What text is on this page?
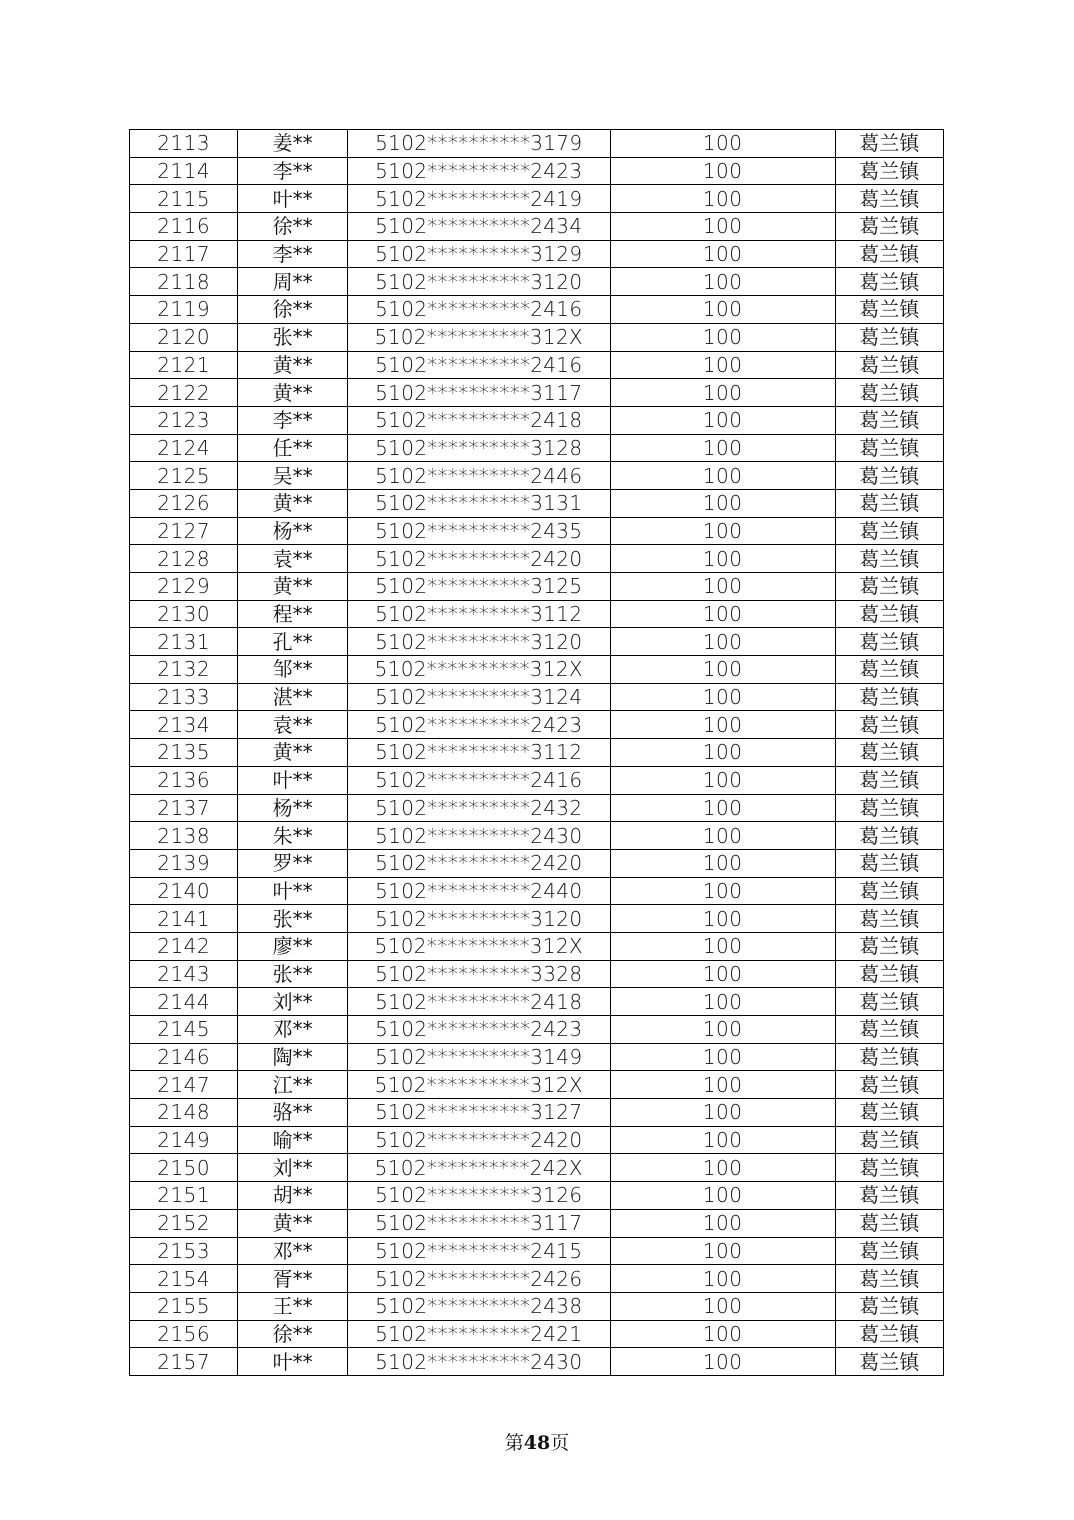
2113	姜**	5102**********3179	100	葛兰镇
2114	李**	5102**********2423	100	葛兰镇
2115	叶**	5102**********2419	100	葛兰镇
2116	徐**	5102**********2434	100	葛兰镇
2117	李**	5102**********3129	100	葛兰镇
2118	周**	5102**********3120	100	葛兰镇
2119	徐**	5102**********2416	100	葛兰镇
2120	张**	5102**********312X	100	葛兰镇
2121	黄**	5102**********2416	100	葛兰镇
2122	黄**	5102**********3117	100	葛兰镇
2123	李**	5102**********2418	100	葛兰镇
2124	任**	5102**********3128	100	葛兰镇
2125	吴**	5102**********2446	100	葛兰镇
2126	黄**	5102**********3131	100	葛兰镇
2127	杨**	5102**********2435	100	葛兰镇
2128	袁**	5102**********2420	100	葛兰镇
2129	黄**	5102**********3125	100	葛兰镇
2130	程**	5102**********3112	100	葛兰镇
2131	孔**	5102**********3120	100	葛兰镇
2132	邹**	5102**********312X	100	葛兰镇
2133	湛**	5102**********3124	100	葛兰镇
2134	袁**	5102**********2423	100	葛兰镇
2135	黄**	5102**********3112	100	葛兰镇
2136	叶**	5102**********2416	100	葛兰镇
2137	杨**	5102**********2432	100	葛兰镇
2138	朱**	5102**********2430	100	葛兰镇
2139	罗**	5102**********2420	100	葛兰镇
2140	叶**	5102**********2440	100	葛兰镇
2141	张**	5102**********3120	100	葛兰镇
2142	廖**	5102**********312X	100	葛兰镇
2143	张**	5102**********3328	100	葛兰镇
2144	刘**	5102**********2418	100	葛兰镇
2145	邓**	5102**********2423	100	葛兰镇
2146	陶**	5102**********3149	100	葛兰镇
2147	江**	5102**********312X	100	葛兰镇
2148	骆**	5102**********3127	100	葛兰镇
2149	喻**	5102**********2420	100	葛兰镇
2150	刘**	5102**********242X	100	葛兰镇
2151	胡**	5102**********3126	100	葛兰镇
2152	黄**	5102**********3117	100	葛兰镇
2153	邓**	5102**********2415	100	葛兰镇
2154	胥**	5102**********2426	100	葛兰镇
2155	王**	5102**********2438	100	葛兰镇
2156	徐**	5102**********2421	100	葛兰镇
2157	叶**	5102**********2430	100	葛兰镇
第48页
